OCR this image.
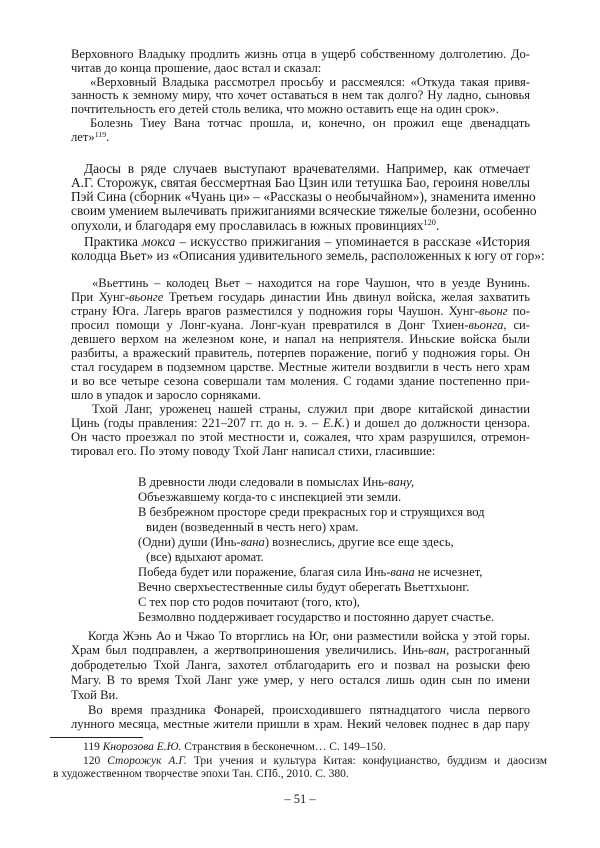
Верховного Владыку продлить жизнь отца в ущерб собственному долголетию. До-
читав до конца прошение, даос встал и сказал:
«Верховный Владыка рассмотрел просьбу и рассмеялся: «Откуда такая привя-
занность к земному миру, что хочет оставаться в нем так долго? Ну ладно, сыновья
почтительность его детей столь велика, что можно оставить еще на один срок».
Болезнь Тиеу Вана тотчас прошла, и, конечно, он прожил еще двенадцать
лет»$^{119}$.
Даосы в ряде случаев выступают врачевателями. Например, как отмечает
А.Г. Сторожук, святая бессмертная Бао Цзин или тетушка Бао, героиня новеллы
Пэй Сина (сборник «Чуань ци» – «Рассказы о необычайном»), знаменита именно
своим умением вылечивать прижиганиями всяческие тяжелые болезни, особенно
опухоли, и благодаря ему прославилась в южных провинциях$^{120}$.
Практика мокса – искусство прижигания – упоминается в рассказе «История
колодца Вьет» из «Описания удивительного земель, расположенных к югу от гор»:
«Вьеттинь – колодец Вьет – находится на горе Чаушон, что в уезде Вунинь.
При Хунг-вьонге Третьем государь династии Инь двинул войска, желая захватить
страну Юга. Лагерь врагов разместился у подножия горы Чаушон. Хунг-вьонг по-
просил помощи у Лонг-куана. Лонг-куан превратился в Донг Тхиен-вьонга, си-
девшего верхом на железном коне, и напал на неприятеля. Иньские войска были
разбиты, а вражеский правитель, потерпев поражение, погиб у подножия горы. Он
стал государем в подземном царстве. Местные жители воздвигли в честь него храм
и во все четыре сезона совершали там моления. С годами здание постепенно при-
шло в упадок и заросло сорняками.
Тхой Ланг, уроженец нашей страны, служил при дворе китайской династии
Цинь (годы правления: 221–207 гг. до н. э. – Е.К.) и дошел до должности цензора.
Он часто проезжал по этой местности и, сожалея, что храм разрушился, отремон-
тировал его. По этому поводу Тхой Ланг написал стихи, гласившие:
В древности люди следовали в помыслах Инь-вану,
Объезжавшему когда-то с инспекцией эти земли.
В безбрежном просторе среди прекрасных гор и струящихся вод
виден (возведенный в честь него) храм.
(Одни) души (Инь-вана) вознеслись, другие все еще здесь,
(все) вдыхают аромат.
Победа будет или поражение, благая сила Инь-вана не исчезнет,
Вечно сверхъестественные силы будут оберегать Вьеттхыонг.
С тех пор сто родов почитают (того, кто),
Безмолвно поддерживает государство и постоянно дарует счастье.
Когда Жэнь Ао и Чжао То вторглись на Юг, они разместили войска у этой горы.
Храм был подправлен, а жертвоприношения увеличились. Инь-ван, растроганный
добродетелью Тхой Ланга, захотел отблагодарить его и позвал на розыски фею
Магу. В то время Тхой Ланг уже умер, у него остался лишь один сын по имени
Тхой Ви.
Во время праздника Фонарей, происходившего пятнадцатого числа первого
лунного месяца, местные жители пришли в храм. Некий человек поднес в дар пару
119 Кнорозова Е.Ю. Странствия в бесконечном… С. 149–150.
120 Сторожук А.Г. Три учения и культура Китая: конфуцианство, буддизм и даосизм
в художественном творчестве эпохи Тан. СПб., 2010. С. 380.
– 51 –
